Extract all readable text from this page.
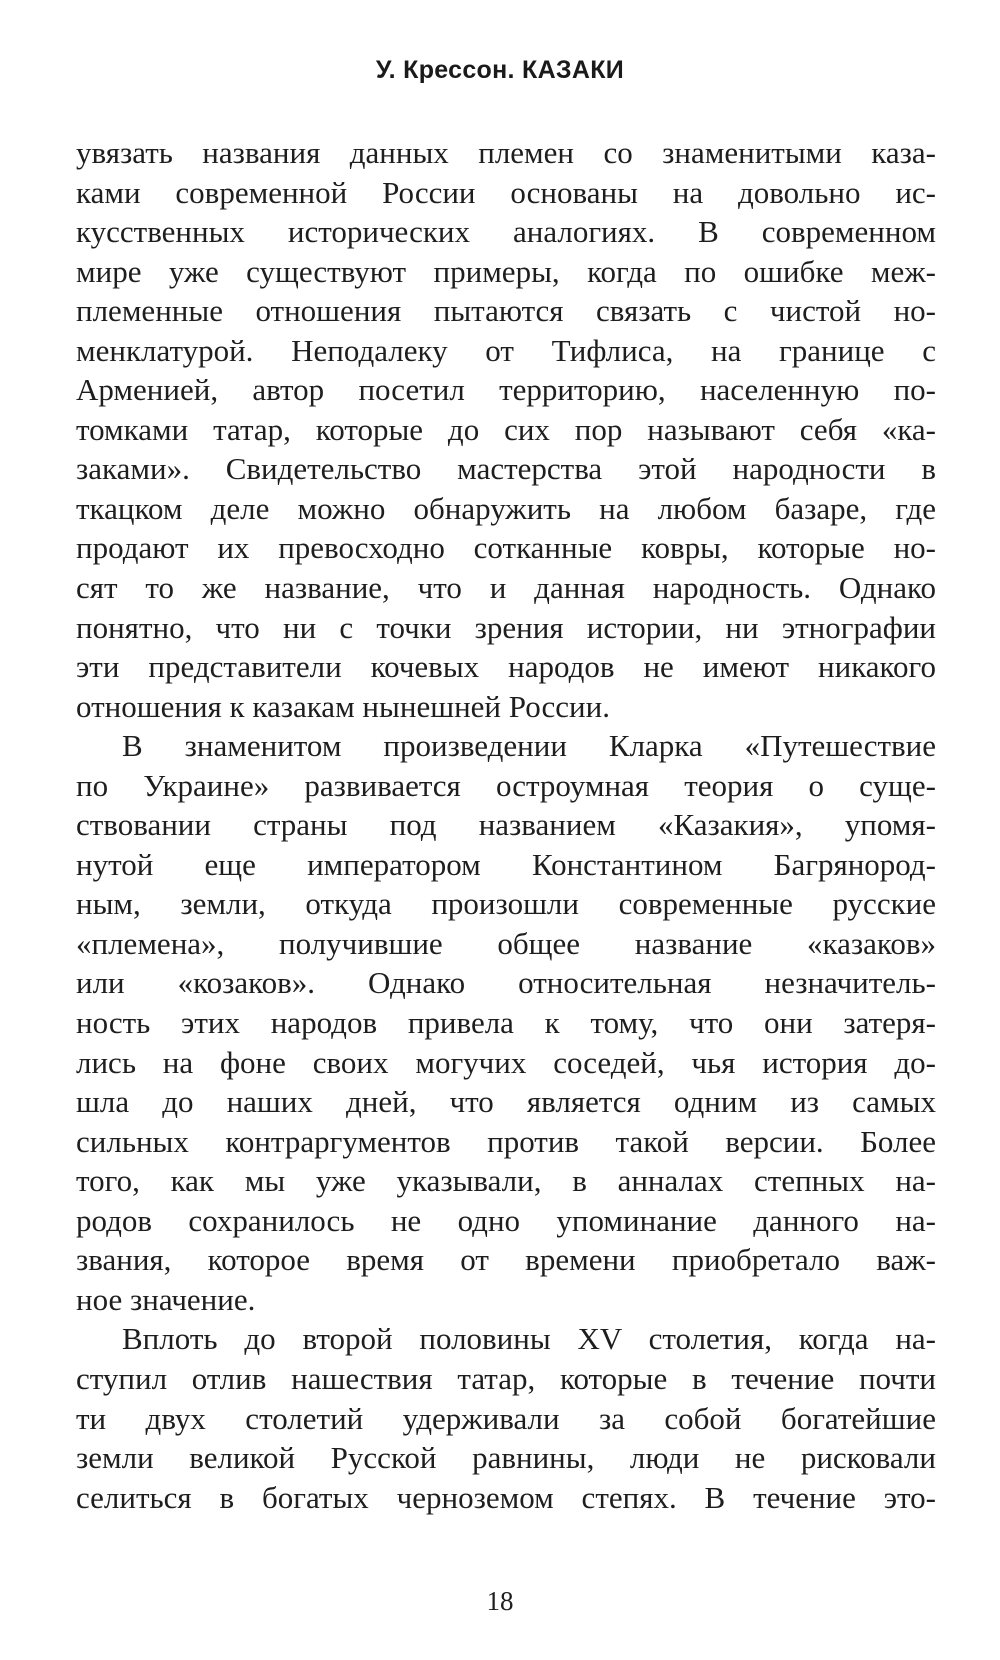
У. Крессон. КАЗАКИ

увязать названия данных племен со знаменитыми каза-

ками современной России основаны на довольно ис-

кусственных исторических аналогиях. В современном

мире уже существуют примеры, когда по ошибке меж-

племенные отношения пытаются связать с чистой но-

менклатурой. Неподалеку от Тифлиса, на границе с

Арменией, автор посетил территорию, населенную по-

томками татар, которые до сих пор называют себя «ка-

заками». Свидетельство мастерства этой народности в

ткацком деле можно обнаружить на любом базаре, где

продают их превосходно сотканные ковры, которые но-

сят то же название, что и данная народность. Однако

понятно, что ни с точки зрения истории, ни этнографии

эти представители кочевых народов не имеют никакого

отношения к казакам нынешней России.

В знаменитом произведении Кларка «Путешествие

по Украине» развивается остроумная теория о суще-

ствовании страны под названием «Казакия», упомя-

нутой еще императором Константином Багрянород-

ным, земли, откуда произошли современные русские

«племена», получившие общее название «казаков»

или «козаков». Однако относительная незначитель-

ность этих народов привела к тому, что они затеря-

лись на фоне своих могучих соседей, чья история до-

шла до наших дней, что является одним из самых

сильных контраргументов против такой версии. Более

того, как мы уже указывали, в анналах степных на-

родов сохранилось не одно упоминание данного на-

звания, которое время от времени приобретало важ-

ное значение.

Вплоть до второй половины XV столетия, когда на-

ступил отлив нашествия татар, которые в течение почти

ти двух столетий удерживали за собой богатейшие

земли великой Русской равнины, люди не рисковали

селиться в богатых черноземом степях. В течение это-

18
